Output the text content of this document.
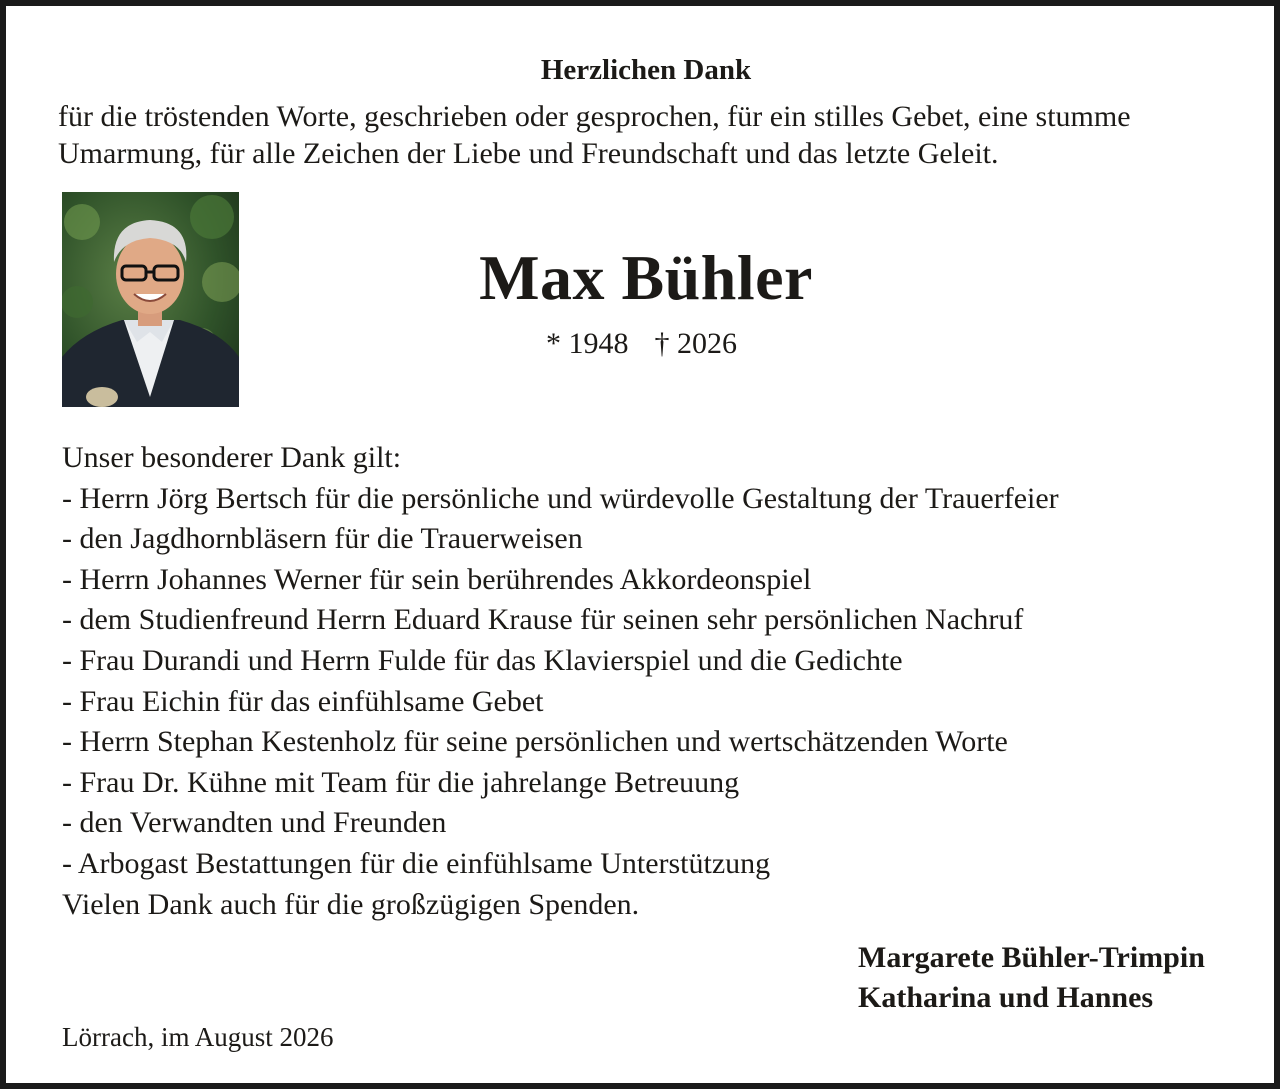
Herzlichen Dank
für die tröstenden Worte, geschrieben oder gesprochen, für ein stilles Gebet, eine stumme
Umarmung, für alle Zeichen der Liebe und Freundschaft und das letzte Geleit.
Max Bühler
* 1948 † 2026
Unser besonderer Dank gilt:
- Herrn Jörg Bertsch für die persönliche und würdevolle Gestaltung der Trauerfeier
- den Jagdhornbläsern für die Trauerweisen
- Herrn Johannes Werner für sein berührendes Akkordeonspiel
- dem Studienfreund Herrn Eduard Krause für seinen sehr persönlichen Nachruf
- Frau Durandi und Herrn Fulde für das Klavierspiel und die Gedichte
- Frau Eichin für das einfühlsame Gebet
- Herrn Stephan Kestenholz für seine persönlichen und wertschätzenden Worte
- Frau Dr. Kühne mit Team für die jahrelange Betreuung
- den Verwandten und Freunden
- Arbogast Bestattungen für die einfühlsame Unterstützung
Vielen Dank auch für die großzügigen Spenden.
Margarete Bühler-Trimpin
Katharina und Hannes
Lörrach, im August 2026
